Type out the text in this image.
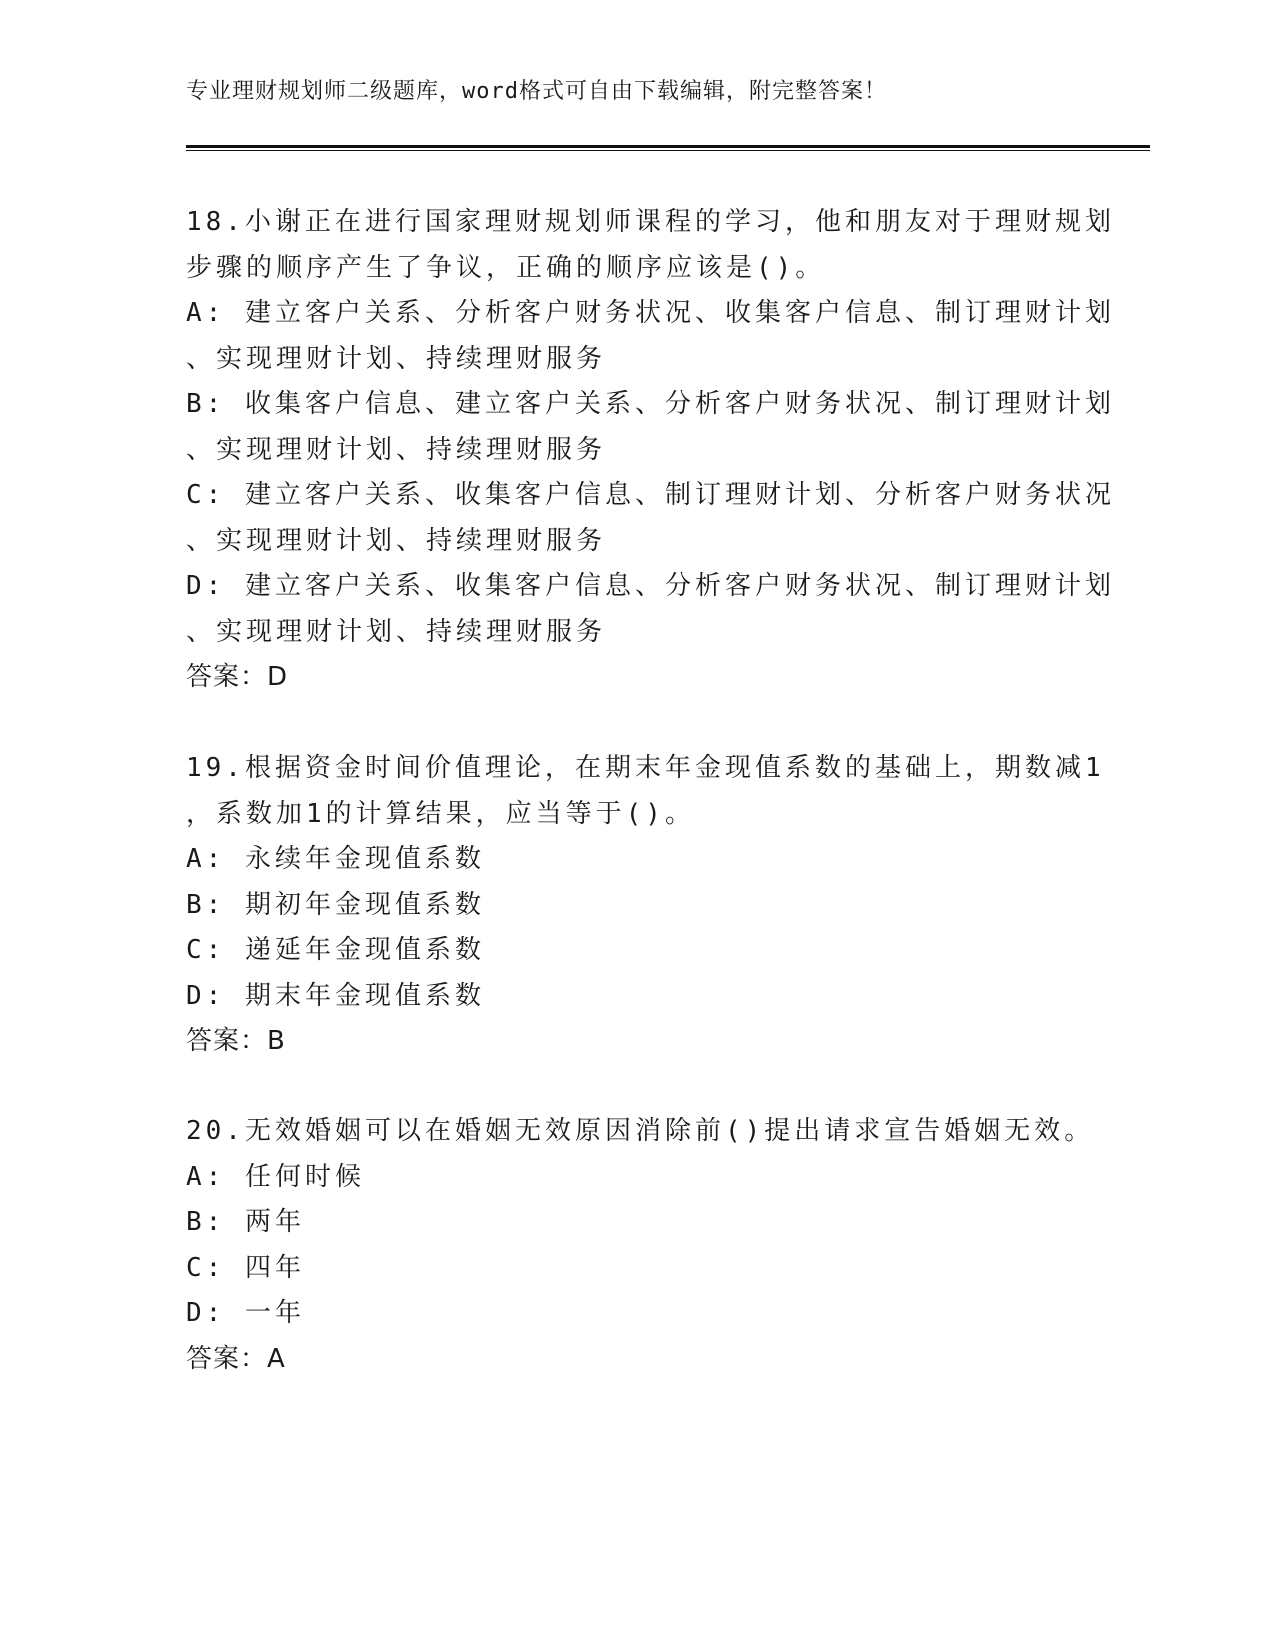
专业理财规划师二级题库，word格式可自由下载编辑，附完整答案！
18.小谢正在进行国家理财规划师课程的学习，他和朋友对于理财规划
步骤的顺序产生了争议，正确的顺序应该是()。
A: 建立客户关系、分析客户财务状况、收集客户信息、制订理财计划
、实现理财计划、持续理财服务
B: 收集客户信息、建立客户关系、分析客户财务状况、制订理财计划
、实现理财计划、持续理财服务
C: 建立客户关系、收集客户信息、制订理财计划、分析客户财务状况
、实现理财计划、持续理财服务
D: 建立客户关系、收集客户信息、分析客户财务状况、制订理财计划
、实现理财计划、持续理财服务
答案：D
19.根据资金时间价值理论，在期末年金现值系数的基础上，期数减1
，系数加1的计算结果，应当等于()。
A: 永续年金现值系数
B: 期初年金现值系数
C: 递延年金现值系数
D: 期末年金现值系数
答案：B
20.无效婚姻可以在婚姻无效原因消除前()提出请求宣告婚姻无效。
A: 任何时候
B: 两年
C: 四年
D: 一年
答案：A
